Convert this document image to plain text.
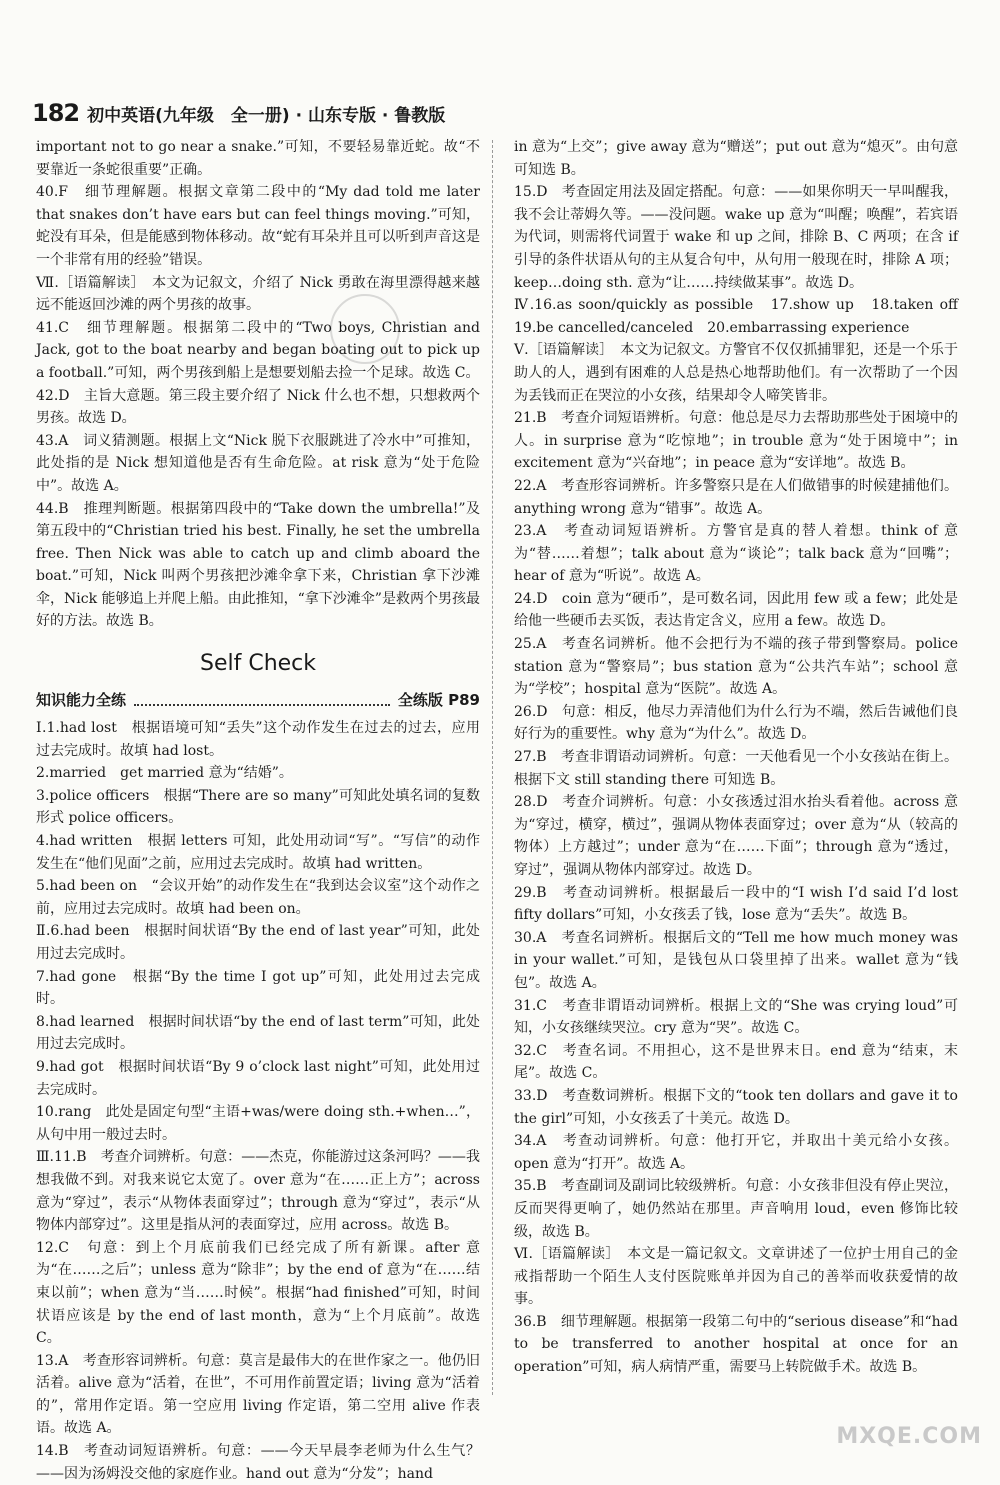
182 初中英语(九年级　全一册) · 山东专版 · 鲁教版

important not to go near a snake.”可知，不要轻易靠近蛇。故“不要靠近一条蛇很重要”正确。

40.F　细节理解题。根据文章第二段中的“My dad told me later that snakes don’t have ears but can feel things moving.”可知，蛇没有耳朵，但是能感到物体移动。故“蛇有耳朵并且可以听到声音这是一个非常有用的经验”错误。

Ⅶ.［语篇解读］　本文为记叙文，介绍了 Nick 勇敢在海里漂得越来越远不能返回沙滩的两个男孩的故事。

41.C　细节理解题。根据第二段中的“Two boys, Christian and Jack, got to the boat nearby and began boating out to pick up a football.”可知，两个男孩到船上是想要划船去捡一个足球。故选 C。

42.D　主旨大意题。第三段主要介绍了 Nick 什么也不想，只想救两个男孩。故选 D。

43.A　词义猜测题。根据上文“Nick 脱下衣服跳进了冷水中”可推知，此处指的是 Nick 想知道他是否有生命危险。at risk 意为“处于危险中”。故选 A。

44.B　推理判断题。根据第四段中的“Take down the umbrella!”及第五段中的“Christian tried his best. Finally, he set the umbrella free. Then Nick was able to catch up and climb aboard the boat.”可知，Nick 叫两个男孩把沙滩伞拿下来，Christian 拿下沙滩伞，Nick 能够追上并爬上船。由此推知，“拿下沙滩伞”是救两个男孩最好的方法。故选 B。

Self Check
知识能力全练	全练版 P89

Ⅰ.1.had lost　根据语境可知“丢失”这个动作发生在过去的过去，应用过去完成时。故填 had lost。

2.married　get married 意为“结婚”。

3.police officers　根据“There are so many”可知此处填名词的复数形式 police officers。

4.had written　根据 letters 可知，此处用动词“写”。“写信”的动作发生在“他们见面”之前，应用过去完成时。故填 had written。

5.had been on　“会议开始”的动作发生在“我到达会议室”这个动作之前，应用过去完成时。故填 had been on。

Ⅱ.6.had been　根据时间状语“By the end of last year”可知，此处用过去完成时。

7.had gone　根据“By the time I got up”可知，此处用过去完成时。

8.had learned　根据时间状语“by the end of last term”可知，此处用过去完成时。

9.had got　根据时间状语“By 9 o’clock last night”可知，此处用过去完成时。

10.rang　此处是固定句型“主语+was/were doing sth.+when…”，从句中用一般过去时。

Ⅲ.11.B　考查介词辨析。句意：——杰克，你能游过这条河吗？——我想我做不到。对我来说它太宽了。over 意为“在……正上方”；across 意为“穿过”，表示“从物体表面穿过”；through 意为“穿过”，表示“从物体内部穿过”。这里是指从河的表面穿过，应用 across。故选 B。

12.C　句意：到上个月底前我们已经完成了所有新课。after 意为“在……之后”；unless 意为“除非”；by the end of 意为“在……结束以前”；when 意为“当……时候”。根据“had finished”可知，时间状语应该是 by the end of last month，意为“上个月底前”。故选 C。

13.A　考查形容词辨析。句意：莫言是最伟大的在世作家之一。他仍旧活着。alive 意为“活着，在世”，不可用作前置定语；living 意为“活着的”，常用作定语。第一空应用 living 作定语，第二空用 alive 作表语。故选 A。

14.B　考查动词短语辨析。句意：——今天早晨李老师为什么生气？——因为汤姆没交他的家庭作业。hand out 意为“分发”；hand

in 意为“上交”；give away 意为“赠送”；put out 意为“熄灭”。由句意可知选 B。

15.D　考查固定用法及固定搭配。句意：——如果你明天一早叫醒我，我不会让蒂姆久等。——没问题。wake up 意为“叫醒；唤醒”，若宾语为代词，则需将代词置于 wake 和 up 之间，排除 B、C 两项；在含 if 引导的条件状语从句的主从复合句中，从句用一般现在时，排除 A 项；keep…doing sth. 意为“让……持续做某事”。故选 D。

Ⅳ.16.as soon/quickly as possible　17.show up　18.taken off　19.be cancelled/canceled　20.embarrassing experience

Ⅴ.［语篇解读］　本文为记叙文。方警官不仅仅抓捕罪犯，还是一个乐于助人的人，遇到有困难的人总是热心地帮助他们。有一次帮助了一个因为丢钱而正在哭泣的小女孩，结果却令人啼笑皆非。

21.B　考查介词短语辨析。句意：他总是尽力去帮助那些处于困境中的人。in surprise 意为“吃惊地”；in trouble 意为“处于困境中”；in excitement 意为“兴奋地”；in peace 意为“安详地”。故选 B。

22.A　考查形容词辨析。许多警察只是在人们做错事的时候建捕他们。anything wrong 意为“错事”。故选 A。

23.A　考查动词短语辨析。方警官是真的替人着想。think of 意为“替……着想”；talk about 意为“谈论”；talk back 意为“回嘴”；hear of 意为“听说”。故选 A。

24.D　coin 意为“硬币”，是可数名词，因此用 few 或 a few；此处是给他一些硬币去买饭，表达肯定含义，应用 a few。故选 D。

25.A　考查名词辨析。他不会把行为不端的孩子带到警察局。police station 意为“警察局”；bus station 意为“公共汽车站”；school 意为“学校”；hospital 意为“医院”。故选 A。

26.D　句意：相反，他尽力弄清他们为什么行为不端，然后告诫他们良好行为的重要性。why 意为“为什么”。故选 D。

27.B　考查非谓语动词辨析。句意：一天他看见一个小女孩站在街上。根据下文 still standing there 可知选 B。

28.D　考查介词辨析。句意：小女孩透过泪水抬头看着他。across 意为“穿过，横穿，横过”，强调从物体表面穿过；over 意为“从（较高的物体）上方越过”；under 意为“在……下面”；through 意为“透过，穿过”，强调从物体内部穿过。故选 D。

29.B　考查动词辨析。根据最后一段中的“I wish I’d said I’d lost fifty dollars”可知，小女孩丢了钱，lose 意为“丢失”。故选 B。

30.A　考查名词辨析。根据后文的“Tell me how much money was in your wallet.”可知，是钱包从口袋里掉了出来。wallet 意为“钱包”。故选 A。

31.C　考查非谓语动词辨析。根据上文的“She was crying loud”可知，小女孩继续哭泣。cry 意为“哭”。故选 C。

32.C　考查名词。不用担心，这不是世界末日。end 意为“结束，末尾”。故选 C。

33.D　考查数词辨析。根据下文的“took ten dollars and gave it to the girl”可知，小女孩丢了十美元。故选 D。

34.A　考查动词辨析。句意：他打开它，并取出十美元给小女孩。open 意为“打开”。故选 A。

35.B　考查副词及副词比较级辨析。句意：小女孩非但没有停止哭泣，反而哭得更响了，她仍然站在那里。声音响用 loud，even 修饰比较级，故选 B。

Ⅵ.［语篇解读］　本文是一篇记叙文。文章讲述了一位护士用自己的金戒指帮助一个陌生人支付医院账单并因为自己的善举而收获爱情的故事。

36.B　细节理解题。根据第一段第二句中的“serious disease”和“had to be transferred to another hospital at once for an operation”可知，病人病情严重，需要马上转院做手术。故选 B。

MXQE.COM
